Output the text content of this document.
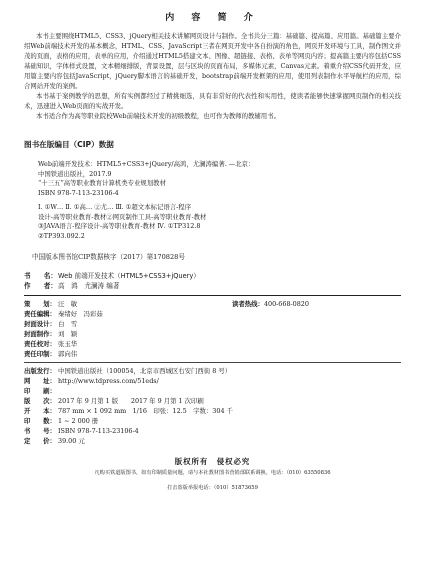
内 容 简 介

本书主要围绕HTML5、CSS3、jQuery相关技术讲解网页设计与制作。全书共分三篇：基础篇、提高篇、应用篇。基础篇主要介绍Web前端技术开发的基本概念，HTML、CSS、JavaScript三者在网页开发中各自扮演的角色，网页开发环境与工具，制作图文并茂的页面，表格的应用，表单的应用，介绍通过HTML5搭建文本、图像、超链接、表格、表单等网页内容；提高篇主要内容包括CSS基础知识，字体样式设置，文本精细排版，背景设置，层与区块的页面布局，多媒体元素，Canvas元素。着重介绍CSS代码开发，应用篇主要内容包括JavaScript，jQuery脚本语言的基础开发，bootstrap前端开发框架的应用，使用列表制作水平导航栏的应用，综合网站开发的案例。

本书基于案例教学的思想，所有实例都经过了精挑细选，具有非常好的代表性和实用性，使读者能够快速掌握网页制作的相关技术，迅速进入Web页面的实战开发。

本书适合作为高等职业院校Web前端技术开发的初级教程，也可作为教师的教辅用书。

图书在版编目（CIP）数据
Web前端开发技术：HTML5+CSS3+jQuery/高鸿，尤澜涛编著. —北京：
中国铁道出版社，2017.9
“十三五”高等职业教育计算机类专业规划教材
ISBN 978-7-113-23106-4
Ⅰ. ①W… Ⅱ. ①高… ②尤… Ⅲ. ①超文本标记语言-程序
设计-高等职业教育-教材②网页制作工具-高等职业教育-教材
③JAVA语言-程序设计-高等职业教育-教材 Ⅳ. ①TP312.8
②TP393.092.2
中国版本图书馆CIP数据核字（2017）第170828号
书　　名： Web 前端开发技术（HTML5+CSS3+jQuery）
作　　者： 高　鸿　尤澜涛 编著
策　　划： 汪　敏	读者热线： 400-668-0820
责任编辑： 秦绪好　冯彩茹
封面设计： 白　雪
封面制作： 刘　颖
责任校对： 张玉华
责任印制： 郭向伟
出版发行： 中国铁道出版社（100054，北京市西城区右安门西街 8 号）
网　　址： http://www.tdpress.com/51eds/
印　　刷：
版　　次： 2017 年 9 月第 1 版　　2017 年 9 月第 1 次印刷
开　　本： 787 mm × 1 092 mm　1/16　印张：12.5　字数：304 千
印　　数： 1 ~ 2 000 册
书　　号： ISBN 978-7-113-23106-4
定　　价： 39.00 元
版权所有　侵权必究
凡购买铁道版图书，如有印制质量问题，请与本社教材图书营销部联系调换。电话：（010）63550836
打击盗版举报电话：（010）51873659
